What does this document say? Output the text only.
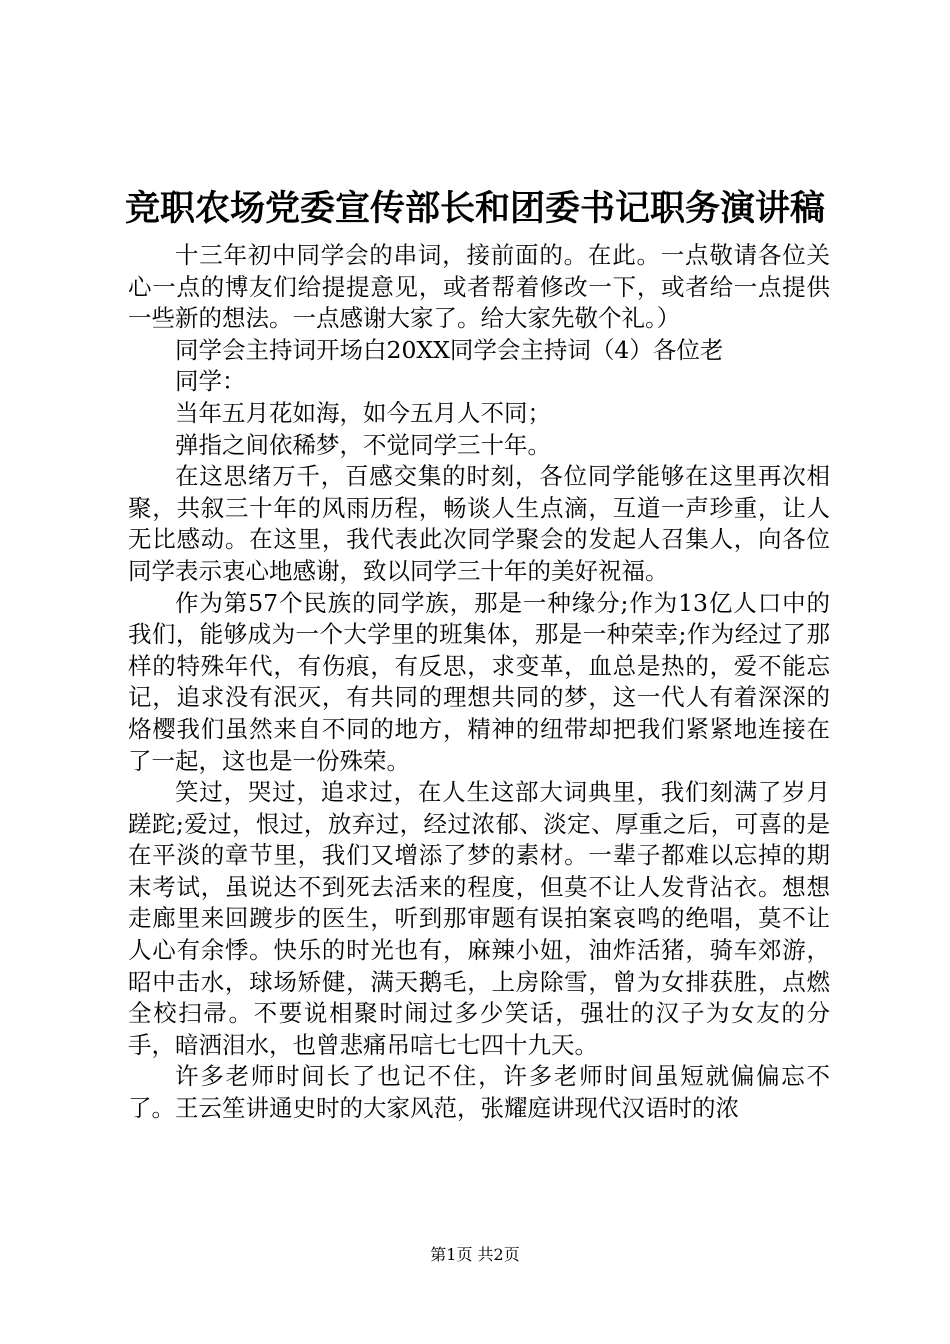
竞职农场党委宣传部长和团委书记职务演讲稿

十三年初中同学会的串词，接前面的。在此。一点敬请各位关心一点的博友们给提提意见，或者帮着修改一下，或者给一点提供一些新的想法。一点感谢大家了。给大家先敬个礼。）

同学会主持词开场白20XX同学会主持词（4）各位老

同学：

当年五月花如海，如今五月人不同；

弹指之间依稀梦，不觉同学三十年。

在这思绪万千，百感交集的时刻，各位同学能够在这里再次相聚，共叙三十年的风雨历程，畅谈人生点滴，互道一声珍重，让人无比感动。在这里，我代表此次同学聚会的发起人召集人，向各位同学表示衷心地感谢，致以同学三十年的美好祝福。

作为第57个民族的同学族，那是一种缘分;作为13亿人口中的我们，能够成为一个大学里的班集体，那是一种荣幸;作为经过了那样的特殊年代，有伤痕，有反思，求变革，血总是热的，爱不能忘记，追求没有泯灭，有共同的理想共同的梦，这一代人有着深深的烙樱我们虽然来自不同的地方，精神的纽带却把我们紧紧地连接在了一起，这也是一份殊荣。

笑过，哭过，追求过，在人生这部大词典里，我们刻满了岁月蹉跎;爱过，恨过，放弃过，经过浓郁、淡定、厚重之后，可喜的是在平淡的章节里，我们又增添了梦的素材。一辈子都难以忘掉的期末考试，虽说达不到死去活来的程度，但莫不让人发背沾衣。想想走廊里来回踱步的医生，听到那审题有误拍案哀鸣的绝唱，莫不让人心有余悸。快乐的时光也有，麻辣小妞，油炸活猪，骑车郊游，昭中击水，球场矫健，满天鹅毛，上房除雪，曾为女排获胜，点燃全校扫帚。不要说相聚时闹过多少笑话，强壮的汉子为女友的分手，暗洒泪水，也曾悲痛吊唁七七四十九天。

许多老师时间长了也记不住，许多老师时间虽短就偏偏忘不了。王云笙讲通史时的大家风范，张耀庭讲现代汉语时的浓

第1页 共2页
